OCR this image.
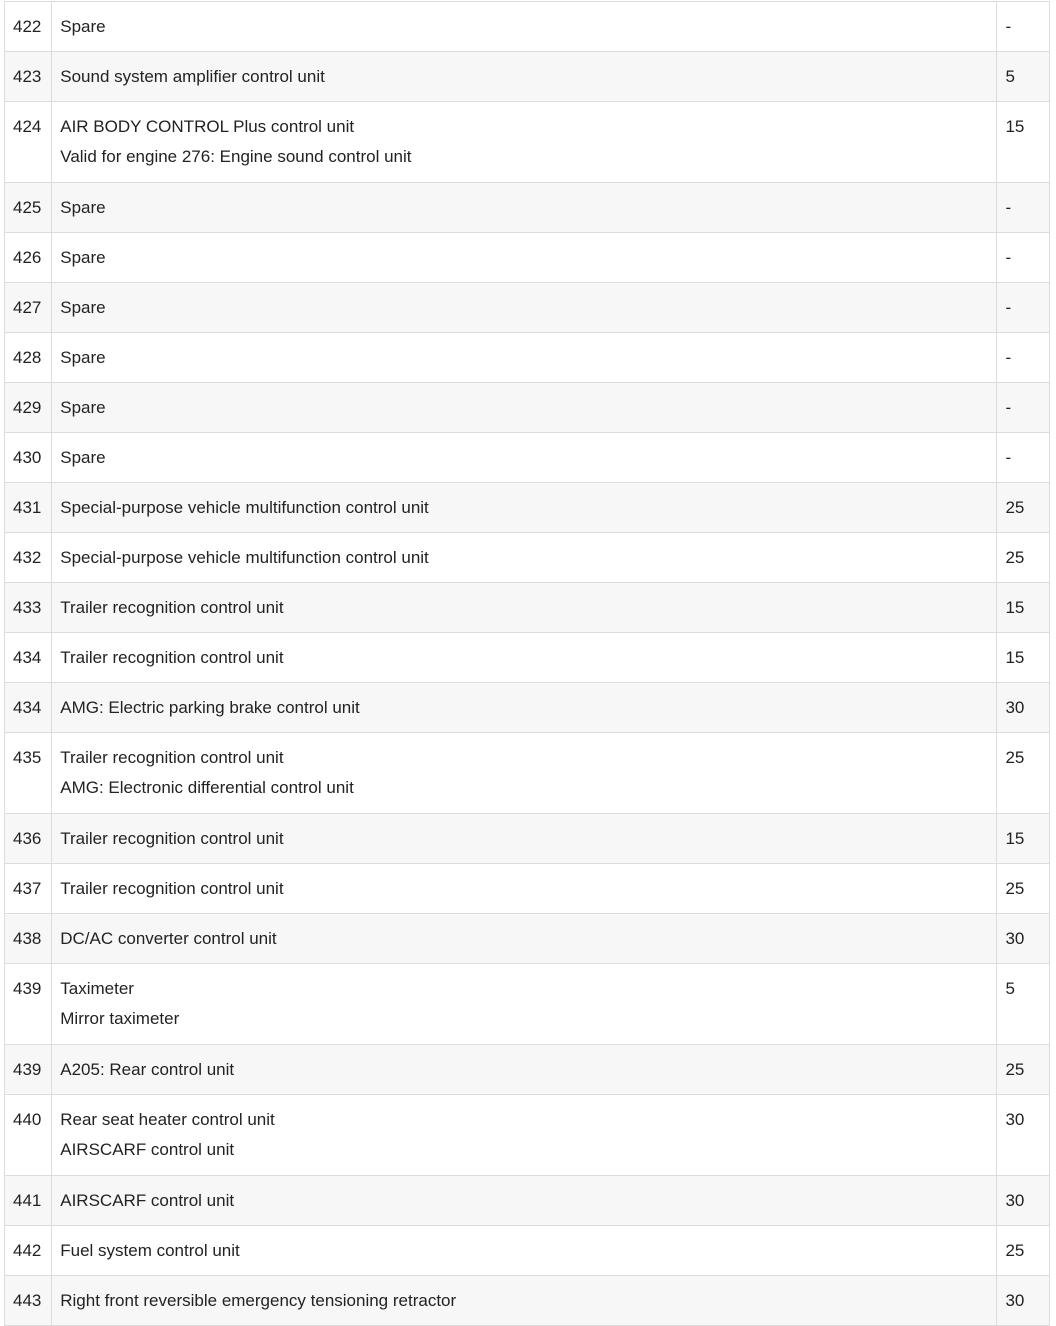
422	Spare	-
423	Sound system amplifier control unit	5
424	AIR BODY CONTROL Plus control unit
Valid for engine 276: Engine sound control unit	15
425	Spare	-
426	Spare	-
427	Spare	-
428	Spare	-
429	Spare	-
430	Spare	-
431	Special-purpose vehicle multifunction control unit	25
432	Special-purpose vehicle multifunction control unit	25
433	Trailer recognition control unit	15
434	Trailer recognition control unit	15
434	AMG: Electric parking brake control unit	30
435	Trailer recognition control unit
AMG: Electronic differential control unit	25
436	Trailer recognition control unit	15
437	Trailer recognition control unit	25
438	DC/AC converter control unit	30
439	Taximeter
Mirror taximeter	5
439	A205: Rear control unit	25
440	Rear seat heater control unit
AIRSCARF control unit	30
441	AIRSCARF control unit	30
442	Fuel system control unit	25
443	Right front reversible emergency tensioning retractor	30
